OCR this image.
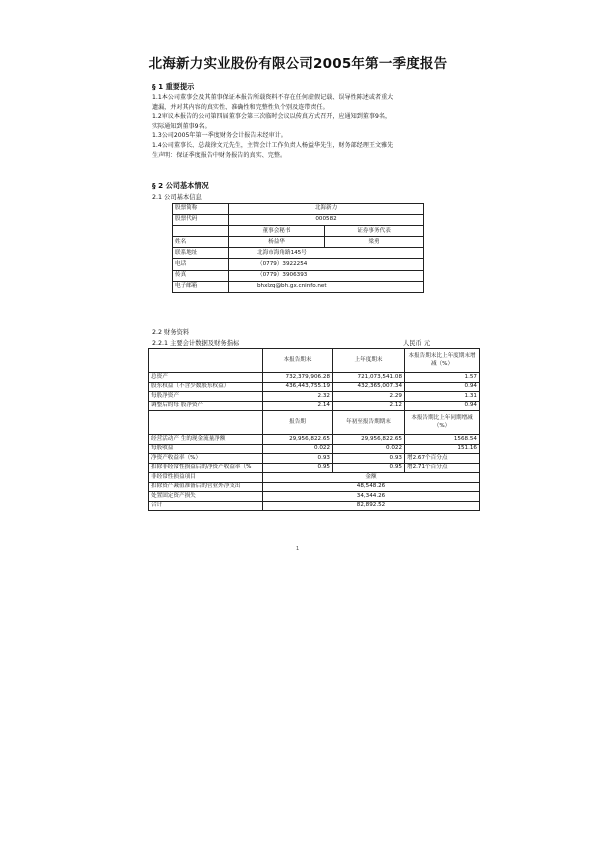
北海新力实业股份有限公司2005年第一季度报告
§ 1 重要提示
1.1本公司董事会及其董事保证本报告所载资料不存在任何虚假记载、误导性陈述或者重大
遗漏，并对其内容的真实性、准确性和完整性负个别及连带责任。
1.2审议本报告的公司第四届董事会第三次临时会议以传真方式召开，应通知到董事9名，
实际通知到董事9名。
1.3公司2005年第一季度财务会计报告未经审计。
1.4公司董事长、总裁徐文元先生，主管会计工作负责人杨益华先生，财务部经理王文雅先
生声明：保证季度报告中财务报告的真实、完整。
§ 2 公司基本情况
2.1 公司基本信息
股票简称	北海新力	
股票代码	000582	
	董事会秘书	证券事务代表
姓名	杨益华	梁勇
联系地址	北海市海角路145号	
电话	（0779）3922254	
传真	（0779）3906393	
电子邮箱	bhxlzq@bh.gx.cninfo.net	
2.2 财务资料
2.2.1 主要会计数据及财务指标	人民币 元
	本报告期末	上年度期末	本报告期末比上年度期末增减（%）
总资产	732,379,906.28	721,073,541.08	1.57
股东权益（不含少数股东权益）	436,443,755.19	432,365,007.34	0.94
每股净资产	2.32	2.29	1.31
调整后的每 股净资产	2.14	2.12	0.94
	报告期	年初至报告期期末	本报告期比上年同期增减（%）
经营活动产 生的现金流量净额	29,956,822.65	29,956,822.65	1568.54
每股收益	0.022	0.022	151.16
净资产收益率（%）	0.93	0.93	增2.67个百分点
扣除非经常性损益后的净资产收益率（%	0.95	0.95	增2.71个百分点
非经常性损益项目	金额		
扣除资产减值准备后的营业外净支出	48,548.26		
处置固定资产损失	34,344.26		
合计	82,892.52		
1
